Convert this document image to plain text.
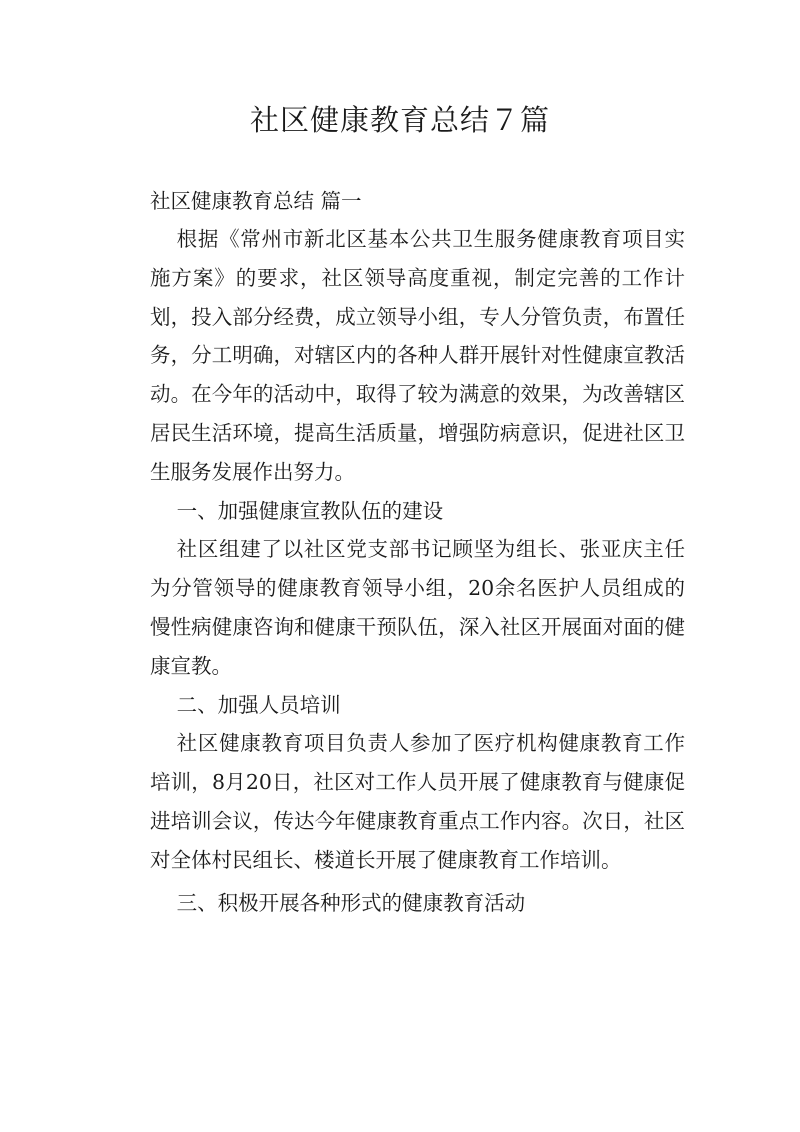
社区健康教育总结７篇

社区健康教育总结 篇一

根据《常州市新北区基本公共卫生服务健康教育项目实施方案》的要求，社区领导高度重视，制定完善的工作计划，投入部分经费，成立领导小组，专人分管负责，布置任务，分工明确，对辖区内的各种人群开展针对性健康宣教活动。在今年的活动中，取得了较为满意的效果，为改善辖区居民生活环境，提高生活质量，增强防病意识，促进社区卫生服务发展作出努力。

一、加强健康宣教队伍的建设

社区组建了以社区党支部书记顾坚为组长、张亚庆主任为分管领导的健康教育领导小组，20余名医护人员组成的慢性病健康咨询和健康干预队伍，深入社区开展面对面的健康宣教。

二、加强人员培训

社区健康教育项目负责人参加了医疗机构健康教育工作培训，8月20日，社区对工作人员开展了健康教育与健康促进培训会议，传达今年健康教育重点工作内容。次日，社区对全体村民组长、楼道长开展了健康教育工作培训。

三、积极开展各种形式的健康教育活动
